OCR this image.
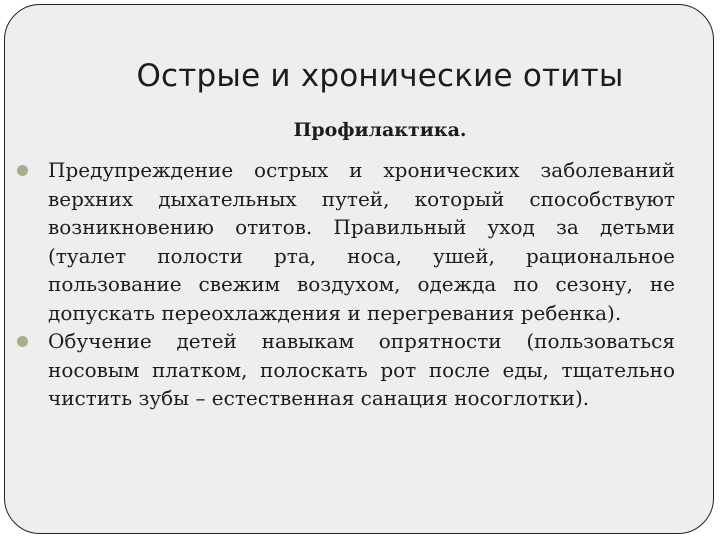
Острые и хронические отиты
Профилактика.
Предупреждение острых и хронических заболеваний верхних дыхательных путей, который способствуют возникновению отитов. Правильный уход за детьми (туалет полости рта, носа, ушей, рациональное пользование свежим воздухом, одежда по сезону, не допускать переохлаждения и перегревания ребенка).
Обучение детей навыкам опрятности (пользоваться носовым платком, полоскать рот после еды, тщательно чистить зубы – естественная санация носоглотки).
